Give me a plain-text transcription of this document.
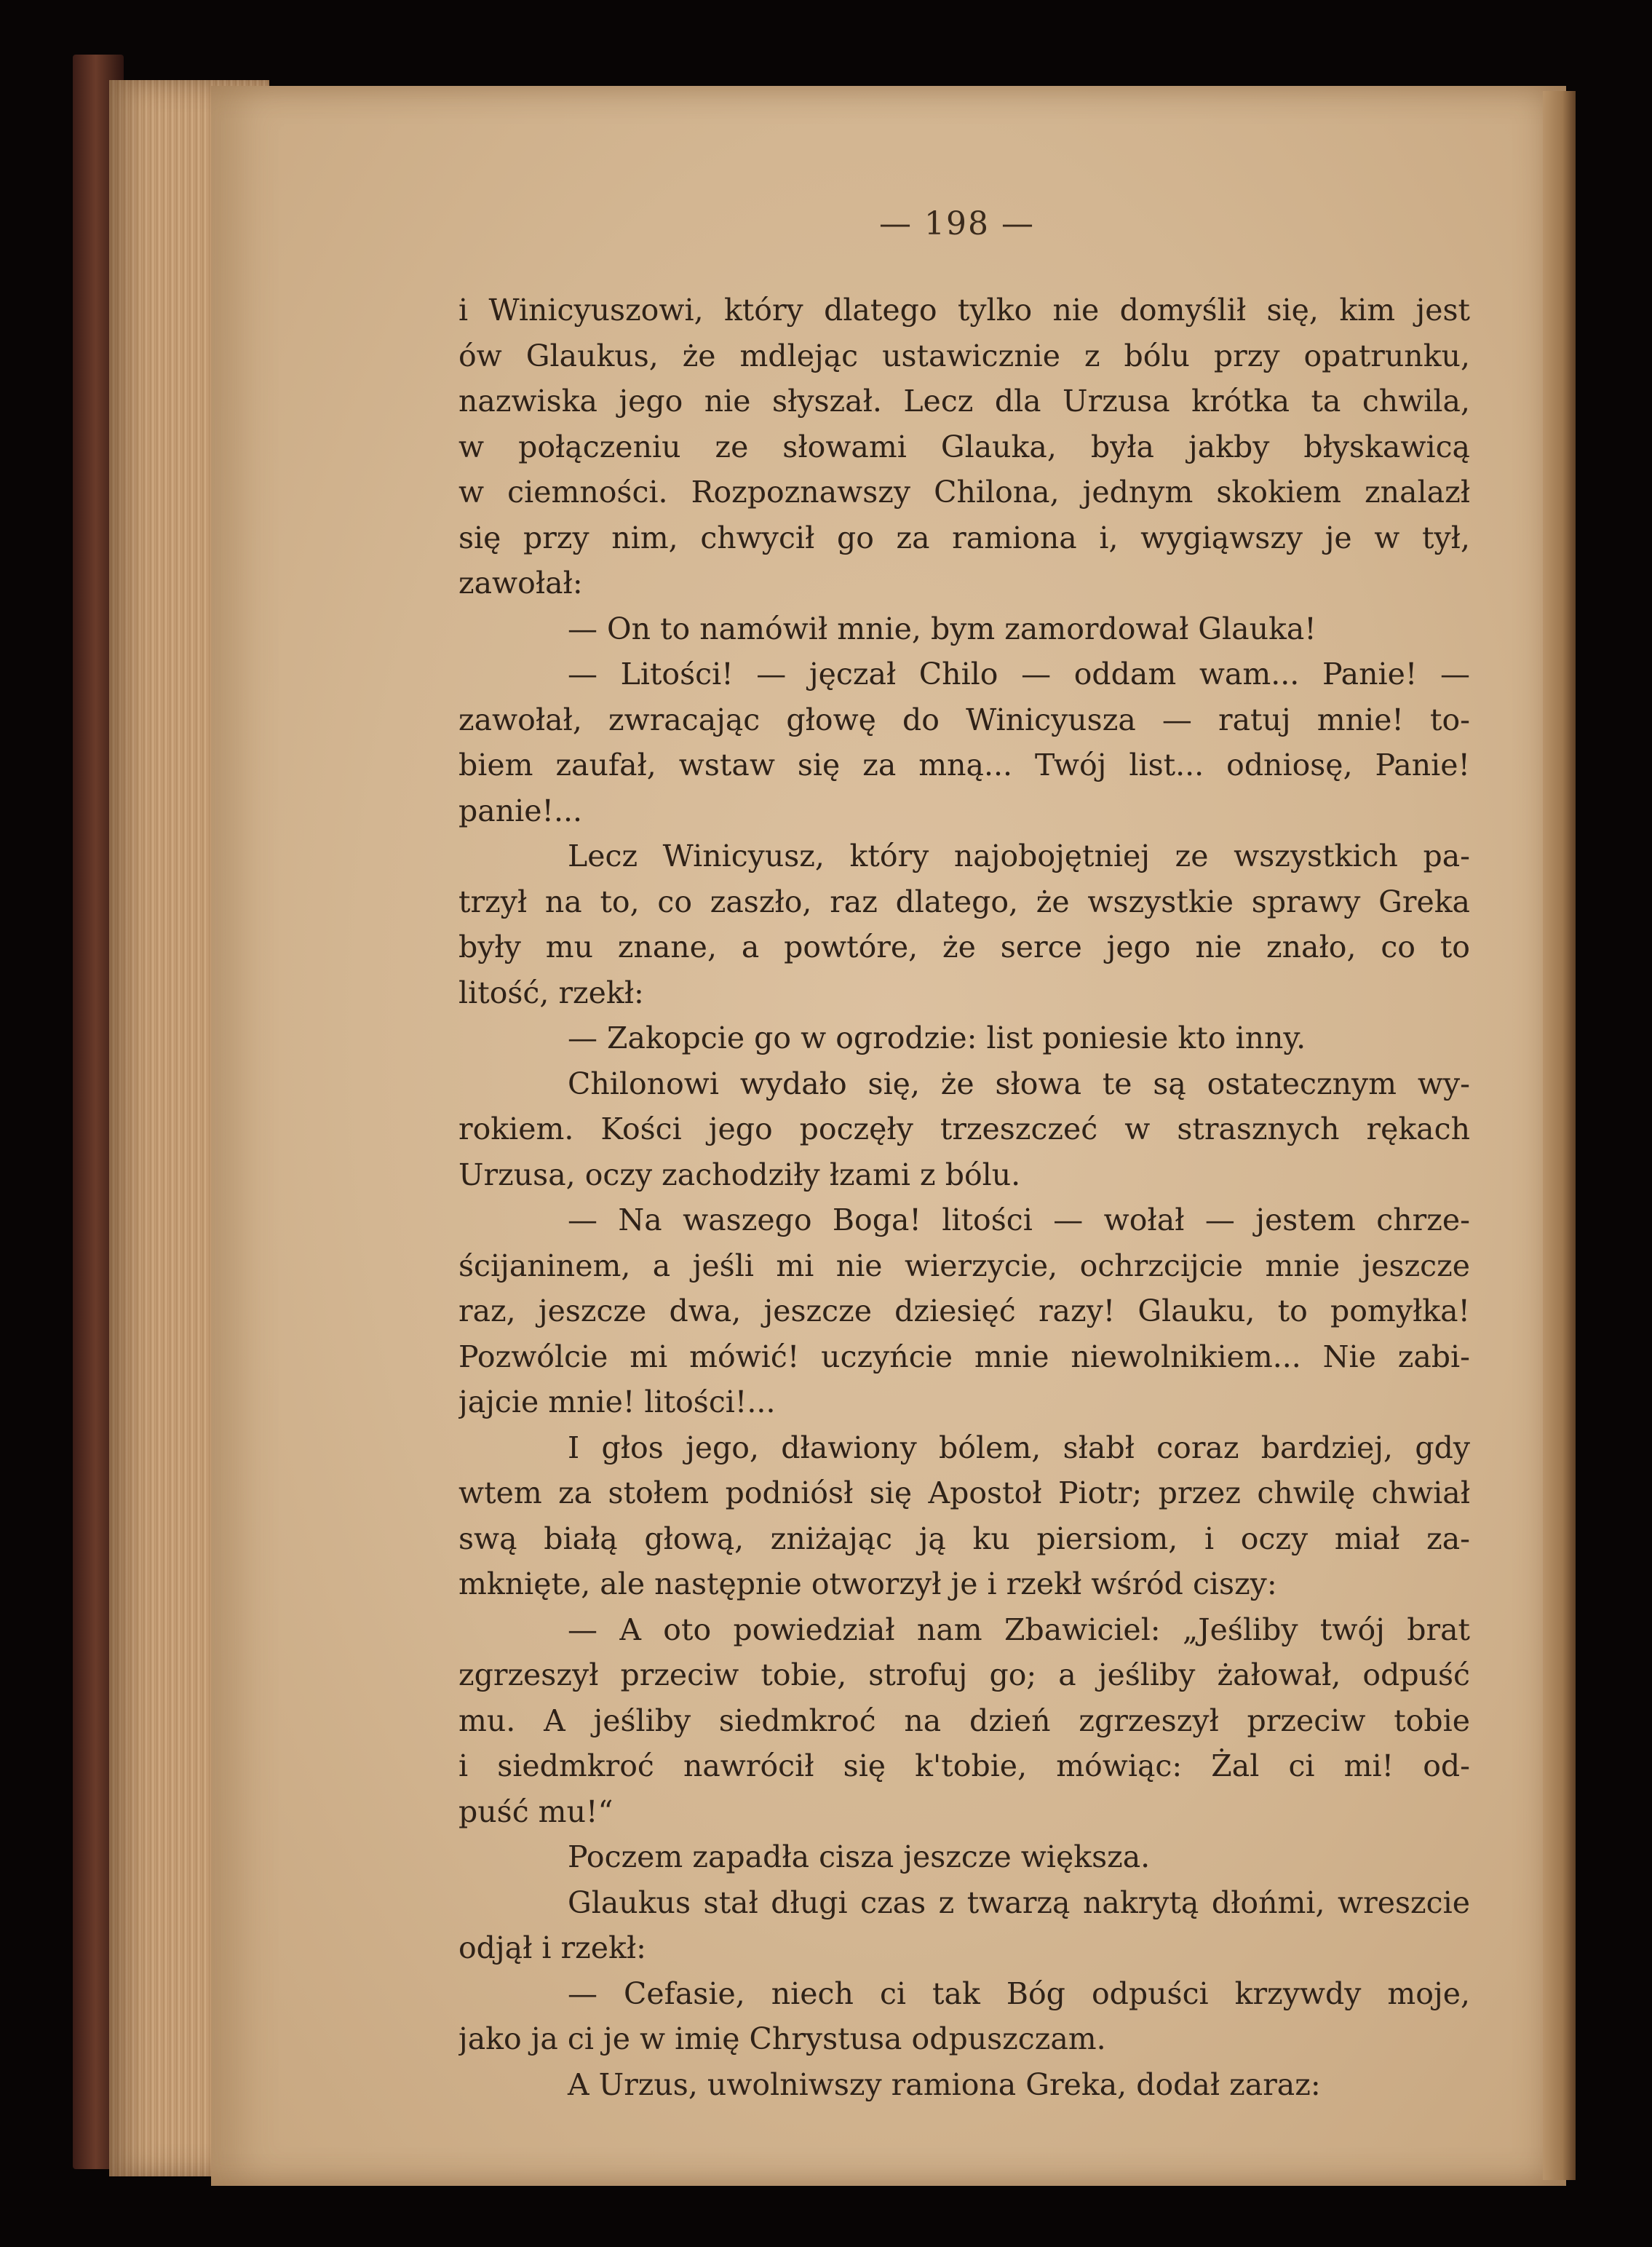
— 198 —
i Winicyuszowi, który dlatego tylko nie domyślił się, kim jest
ów Glaukus, że mdlejąc ustawicznie z bólu przy opatrunku,
nazwiska jego nie słyszał. Lecz dla Urzusa krótka ta chwila,
w połączeniu ze słowami Glauka, była jakby błyskawicą
w ciemności. Rozpoznawszy Chilona, jednym skokiem znalazł
się przy nim, chwycił go za ramiona i, wygiąwszy je w tył,
zawołał:
— On to namówił mnie, bym zamordował Glauka!
— Litości! — jęczał Chilo — oddam wam... Panie! —
zawołał, zwracając głowę do Winicyusza — ratuj mnie! to-
biem zaufał, wstaw się za mną... Twój list... odniosę, Panie!
panie!...
Lecz Winicyusz, który najobojętniej ze wszystkich pa-
trzył na to, co zaszło, raz dlatego, że wszystkie sprawy Greka
były mu znane, a powtóre, że serce jego nie znało, co to
litość, rzekł:
— Zakopcie go w ogrodzie: list poniesie kto inny.
Chilonowi wydało się, że słowa te są ostatecznym wy-
rokiem. Kości jego poczęły trzeszczeć w strasznych rękach
Urzusa, oczy zachodziły łzami z bólu.
— Na waszego Boga! litości — wołał — jestem chrze-
ścijaninem, a jeśli mi nie wierzycie, ochrzcijcie mnie jeszcze
raz, jeszcze dwa, jeszcze dziesięć razy! Glauku, to pomyłka!
Pozwólcie mi mówić! uczyńcie mnie niewolnikiem... Nie zabi-
jajcie mnie! litości!...
I głos jego, dławiony bólem, słabł coraz bardziej, gdy
wtem za stołem podniósł się Apostoł Piotr; przez chwilę chwiał
swą białą głową, zniżając ją ku piersiom, i oczy miał za-
mknięte, ale następnie otworzył je i rzekł wśród ciszy:
— A oto powiedział nam Zbawiciel: „Jeśliby twój brat
zgrzeszył przeciw tobie, strofuj go; a jeśliby żałował, odpuść
mu. A jeśliby siedmkroć na dzień zgrzeszył przeciw tobie
i siedmkroć nawrócił się k'tobie, mówiąc: Żal ci mi! od-
puść mu!“
Poczem zapadła cisza jeszcze większa.
Glaukus stał długi czas z twarzą nakrytą dłońmi, wreszcie
odjął i rzekł:
— Cefasie, niech ci tak Bóg odpuści krzywdy moje,
jako ja ci je w imię Chrystusa odpuszczam.
A Urzus, uwolniwszy ramiona Greka, dodał zaraz:
